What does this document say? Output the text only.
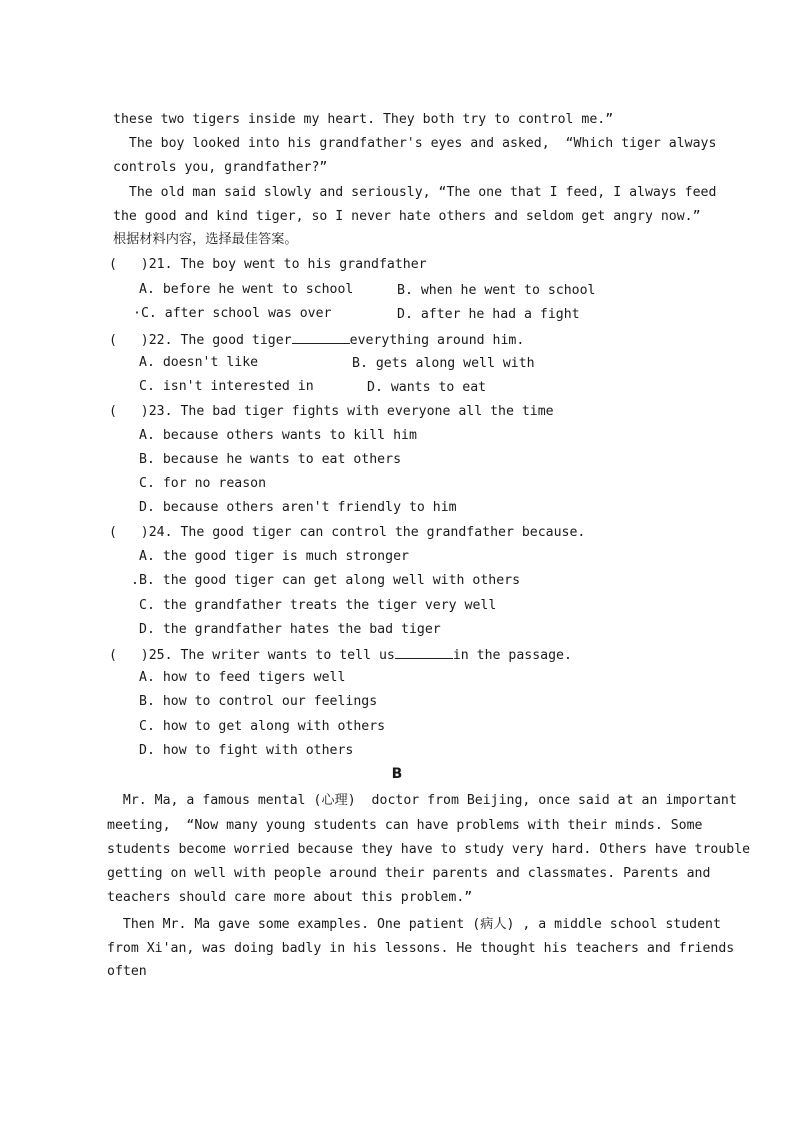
these two tigers inside my heart. They both try to control me.”
The boy looked into his grandfather's eyes and asked,  “Which tiger always
controls you, grandfather?”
The old man said slowly and seriously, “The one that I feed, I always feed
the good and kind tiger, so I never hate others and seldom get angry now.”
根据材料内容，选择最佳答案。
(   )21. The boy went to his grandfather
A. before he went to school	B. when he went to school
·C. after school was over	D. after he had a fight
(   )22. The good tiger	everything around him.
A. doesn't like	B. gets along well with
C. isn't interested in	D. wants to eat
(   )23. The bad tiger fights with everyone all the time
A. because others wants to kill him
B. because he wants to eat others
C. for no reason
D. because others aren't friendly to him
(   )24. The good tiger can control the grandfather because.
A. the good tiger is much stronger
.B. the good tiger can get along well with others
C. the grandfather treats the tiger very well
D. the grandfather hates the bad tiger
(   )25. The writer wants to tell us	in the passage.
A. how to feed tigers well
B. how to control our feelings
C. how to get along with others
D. how to fight with others
B
Mr. Ma, a famous mental (心理)  doctor from Beijing, once said at an important
meeting,  “Now many young students can have problems with their minds. Some
students become worried because they have to study very hard. Others have trouble
getting on well with people around their parents and classmates. Parents and
teachers should care more about this problem.”
Then Mr. Ma gave some examples. One patient (病人) , a middle school student
from Xi'an, was doing badly in his lessons. He thought his teachers and friends
often
